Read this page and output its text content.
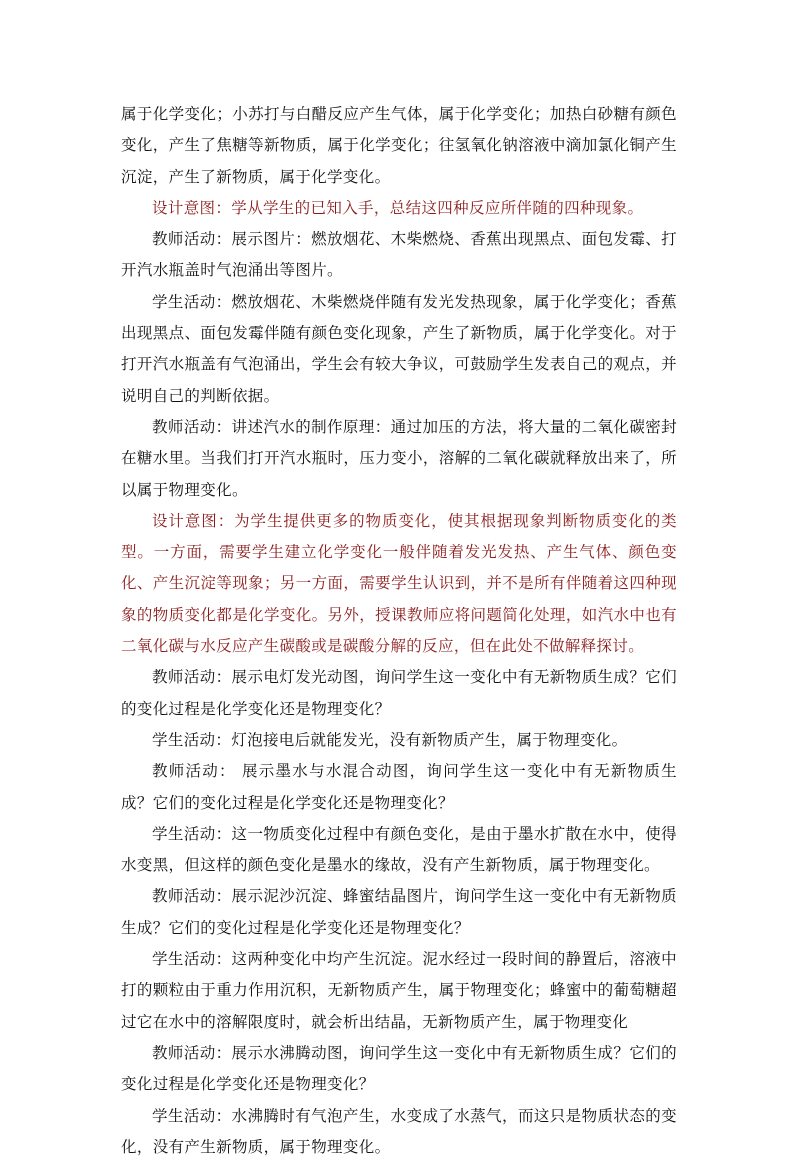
属于化学变化；小苏打与白醋反应产生气体，属于化学变化；加热白砂糖有颜色变化，产生了焦糖等新物质，属于化学变化；往氢氧化钠溶液中滴加氯化铜产生沉淀，产生了新物质，属于化学变化。

设计意图：学从学生的已知入手，总结这四种反应所伴随的四种现象。

教师活动：展示图片：燃放烟花、木柴燃烧、香蕉出现黑点、面包发霉、打开汽水瓶盖时气泡涌出等图片。

学生活动：燃放烟花、木柴燃烧伴随有发光发热现象，属于化学变化；香蕉出现黑点、面包发霉伴随有颜色变化现象，产生了新物质，属于化学变化。对于打开汽水瓶盖有气泡涌出，学生会有较大争议，可鼓励学生发表自己的观点，并说明自己的判断依据。

教师活动：讲述汽水的制作原理：通过加压的方法，将大量的二氧化碳密封在糖水里。当我们打开汽水瓶时，压力变小，溶解的二氧化碳就释放出来了，所以属于物理变化。

设计意图：为学生提供更多的物质变化，使其根据现象判断物质变化的类型。一方面，需要学生建立化学变化一般伴随着发光发热、产生气体、颜色变化、产生沉淀等现象；另一方面，需要学生认识到，并不是所有伴随着这四种现象的物质变化都是化学变化。另外，授课教师应将问题简化处理，如汽水中也有二氧化碳与水反应产生碳酸或是碳酸分解的反应，但在此处不做解释探讨。

教师活动：展示电灯发光动图，询问学生这一变化中有无新物质生成？它们的变化过程是化学变化还是物理变化？

学生活动：灯泡接电后就能发光，没有新物质产生，属于物理变化。

教师活动： 展示墨水与水混合动图，询问学生这一变化中有无新物质生成？它们的变化过程是化学变化还是物理变化？

学生活动：这一物质变化过程中有颜色变化，是由于墨水扩散在水中，使得水变黑，但这样的颜色变化是墨水的缘故，没有产生新物质，属于物理变化。

教师活动：展示泥沙沉淀、蜂蜜结晶图片，询问学生这一变化中有无新物质生成？它们的变化过程是化学变化还是物理变化？

学生活动：这两种变化中均产生沉淀。泥水经过一段时间的静置后，溶液中打的颗粒由于重力作用沉积，无新物质产生，属于物理变化；蜂蜜中的葡萄糖超过它在水中的溶解限度时，就会析出结晶，无新物质产生，属于物理变化

教师活动：展示水沸腾动图，询问学生这一变化中有无新物质生成？它们的变化过程是化学变化还是物理变化？

学生活动：水沸腾时有气泡产生，水变成了水蒸气，而这只是物质状态的变化，没有产生新物质，属于物理变化。
